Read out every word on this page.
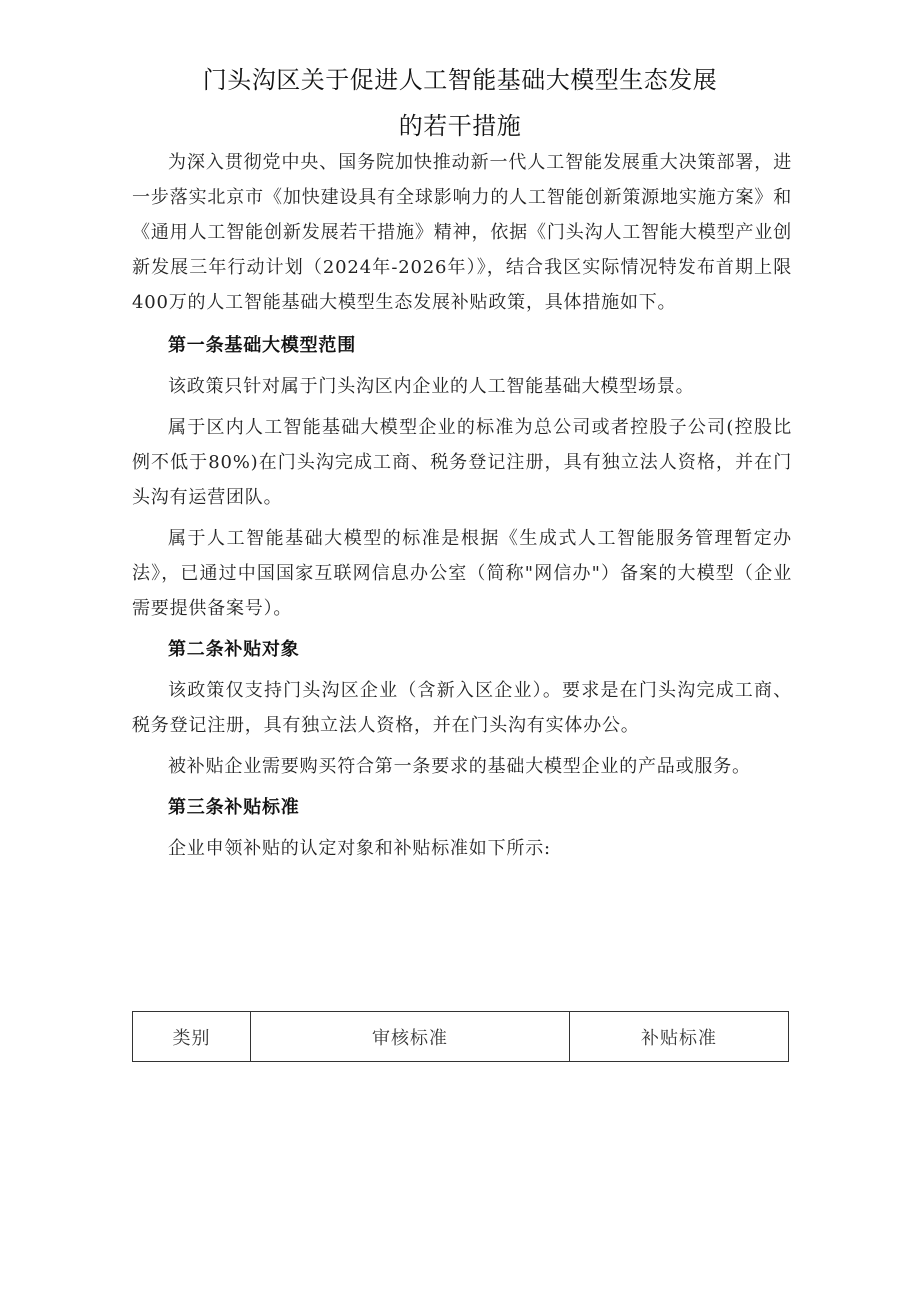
门头沟区关于促进人工智能基础大模型生态发展
的若干措施

为深入贯彻党中央、国务院加快推动新一代人工智能发展重大决策部署，进一步落实北京市《加快建设具有全球影响力的人工智能创新策源地实施方案》和《通用人工智能创新发展若干措施》精神，依据《门头沟人工智能大模型产业创新发展三年行动计划（2024年-2026年）》，结合我区实际情况特发布首期上限400万的人工智能基础大模型生态发展补贴政策，具体措施如下。

第一条基础大模型范围

该政策只针对属于门头沟区内企业的人工智能基础大模型场景。

属于区内人工智能基础大模型企业的标准为总公司或者控股子公司(控股比例不低于80%)在门头沟完成工商、税务登记注册，具有独立法人资格，并在门头沟有运营团队。

属于人工智能基础大模型的标准是根据《生成式人工智能服务管理暂定办法》，已通过中国国家互联网信息办公室（简称"网信办"）备案的大模型（企业需要提供备案号）。

第二条补贴对象

该政策仅支持门头沟区企业（含新入区企业）。要求是在门头沟完成工商、税务登记注册，具有独立法人资格，并在门头沟有实体办公。

被补贴企业需要购买符合第一条要求的基础大模型企业的产品或服务。

第三条补贴标准

企业申领补贴的认定对象和补贴标准如下所示:

类别	审核标准	补贴标准
